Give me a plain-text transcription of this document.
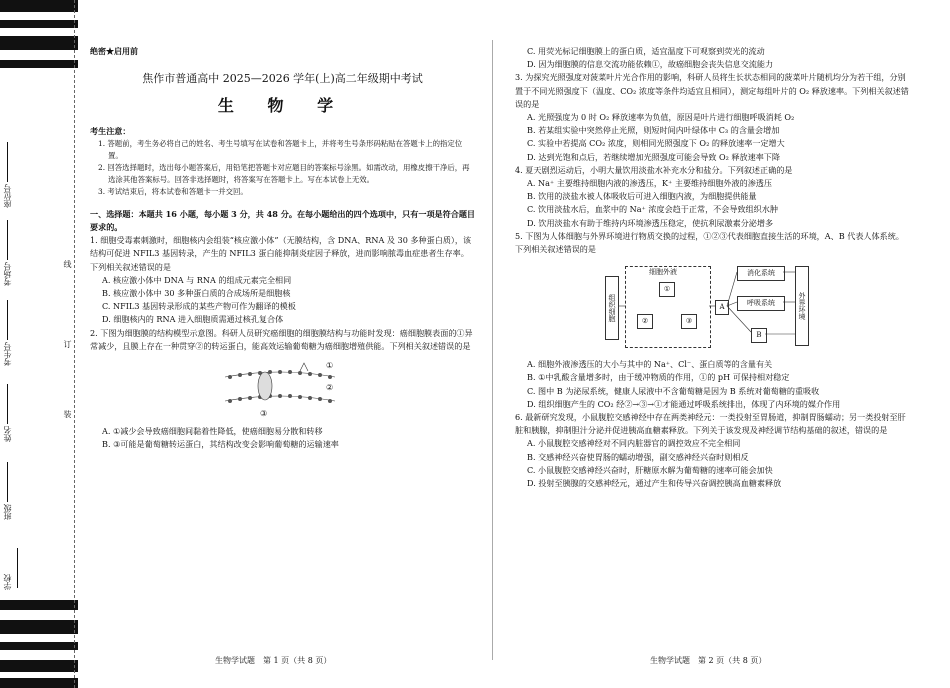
学校
班级
姓名
考生号
考场号
座位号
装
订
线
绝密★启用前
焦作市普通高中 2025—2026 学年(上)高二年级期中考试
生 物 学
考生注意：
1. 答题前，考生务必将自己的姓名、考生号填写在试卷和答题卡上，并将考生号条形码粘贴在答题卡上的指定位置。
2. 回答选择题时，选出每小题答案后，用铅笔把答题卡对应题目的答案标号涂黑。如需改动，用橡皮擦干净后，再选涂其他答案标号。回答非选择题时，将答案写在答题卡上。写在本试卷上无效。
3. 考试结束后，将本试卷和答题卡一并交回。
一、选择题：本题共 16 小题，每小题 3 分，共 48 分。在每小题给出的四个选项中，只有一项是符合题目要求的。
1. 细胞受毒素刺激时，细胞核内会组装“核应激小体”（无膜结构，含 DNA、RNA 及 30 多种蛋白质），该结构可促进 NFIL3 基因转录，产生的 NFIL3 蛋白能抑制炎症因子释放，进而影响脓毒血症患者生存率。下列相关叙述错误的是
A. 核应激小体中 DNA 与 RNA 的组成元素完全相同
B. 核应激小体中 30 多种蛋白质的合成场所是细胞核
C. NFIL3 基因转录形成的某些产物可作为翻译的模板
D. 细胞核内的 RNA 进入细胞质需通过核孔复合体
2. 下图为细胞膜的结构模型示意图。科研人员研究癌细胞的细胞膜结构与功能时发现：癌细胞膜表面的①异常减少，且膜上存在一种贯穿②的转运蛋白，能高效运输葡萄糖为癌细胞增殖供能。下列相关叙述错误的是
①
②
③
A. ①减少会导致癌细胞间黏着性降低，使癌细胞易分散和转移
B. ③可能是葡萄糖转运蛋白，其结构改变会影响葡萄糖的运输速率
生物学试题　第 1 页（共 8 页）
C. 用荧光标记细胞膜上的蛋白质，适宜温度下可观察到荧光的流动
D. 因为细胞膜的信息交流功能依赖①，故癌细胞会丧失信息交流能力
3. 为探究光照强度对菠菜叶片光合作用的影响，科研人员将生长状态相同的菠菜叶片随机均分为若干组，分别置于不同光照强度下（温度、CO₂ 浓度等条件均适宜且相同），测定每组叶片的 O₂ 释放速率。下列相关叙述错误的是
A. 光照强度为 0 时 O₂ 释放速率为负值，原因是叶片进行细胞呼吸消耗 O₂
B. 若某组实验中突然停止光照，则短时间内叶绿体中 C₃ 的含量会增加
C. 实验中若提高 CO₂ 浓度，则相同光照强度下 O₂ 的释放速率一定增大
D. 达到光饱和点后，若继续增加光照强度可能会导致 O₂ 释放速率下降
4. 夏天剧烈运动后，小明大量饮用淡盐水补充水分和盐分。下列叙述正确的是
A. Na⁺ 主要维持细胞内液的渗透压，K⁺ 主要维持细胞外液的渗透压
B. 饮用的淡盐水被人体吸收后可进入细胞内液，为细胞提供能量
C. 饮用淡盐水后，血浆中的 Na⁺ 浓度会趋于正常，不会导致组织水肿
D. 饮用淡盐水有助于维持内环境渗透压稳定，使抗利尿激素分泌增多
5. 下图为人体细胞与外界环境进行物质交换的过程，①②③代表细胞直接生活的环境，A、B 代表人体系统。下列相关叙述错误的是
组织细胞
细胞外液
①
②	③
A
消化系统
呼吸系统
B
外界环境
A. 细胞外液渗透压的大小与其中的 Na⁺、Cl⁻、蛋白质等的含量有关
B. ①中乳酸含量增多时，由于缓冲物质的作用，①的 pH 可保持相对稳定
C. 图中 B 为泌尿系统，健康人尿液中不含葡萄糖是因为 B 系统对葡萄糖的重吸收
D. 组织细胞产生的 CO₂ 经②→③→①才能通过呼吸系统排出，体现了内环境的媒介作用
6. 最新研究发现，小鼠腹腔交感神经中存在两类神经元：一类投射至胃肠道，抑制胃肠蠕动；另一类投射至肝脏和胰腺，抑制胆汁分泌并促进胰高血糖素释放。下列关于该发现及神经调节结构基础的叙述，错误的是
A. 小鼠腹腔交感神经对不同内脏器官的调控效应不完全相同
B. 交感神经兴奋使胃肠的蠕动增强，副交感神经兴奋时则相反
C. 小鼠腹腔交感神经兴奋时，肝糖原水解为葡萄糖的速率可能会加快
D. 投射至胰腺的交感神经元，通过产生和传导兴奋调控胰高血糖素释放
生物学试题　第 2 页（共 8 页）
